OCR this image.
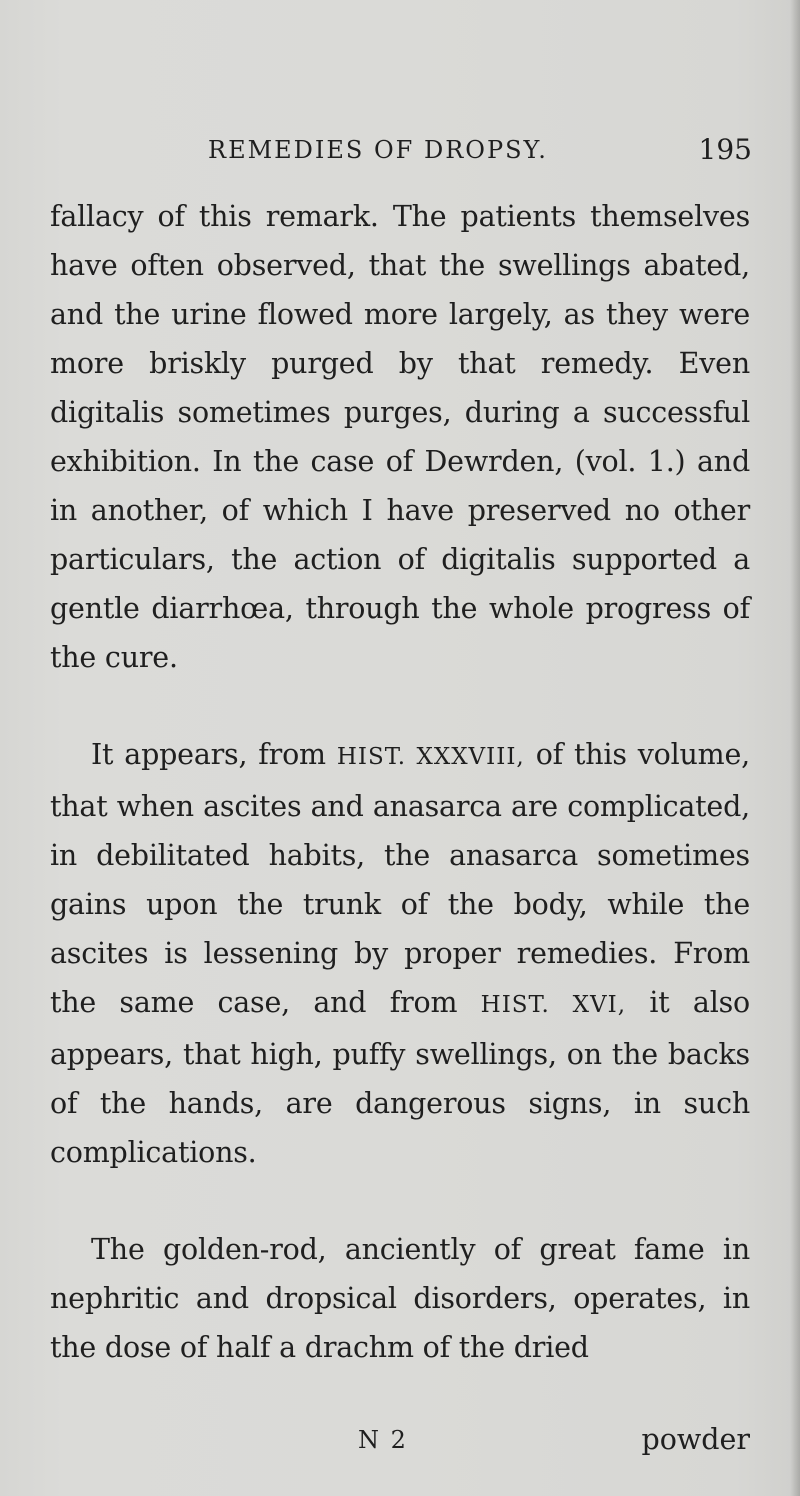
REMEDIES OF DROPSY.	195

fallacy of this remark. The patients themselves have often observed, that the swellings abated, and the urine flowed more largely, as they were more briskly purged by that remedy. Even digitalis sometimes purges, during a successful exhibition. In the case of Dewrden, (vol. 1.) and in another, of which I have preserved no other particulars, the action of digitalis supported a gentle diarrhœa, through the whole progress of the cure.

It appears, from HIST. XXXVIII, of this volume, that when ascites and anasarca are complicated, in debilitated habits, the anasarca sometimes gains upon the trunk of the body, while the ascites is lessening by proper remedies. From the same case, and from HIST. XVI, it also appears, that high, puffy swellings, on the backs of the hands, are dangerous signs, in such complications.

The golden-rod, anciently of great fame in nephritic and dropsical disorders, operates, in the dose of half a drachm of the dried

N 2	powder
